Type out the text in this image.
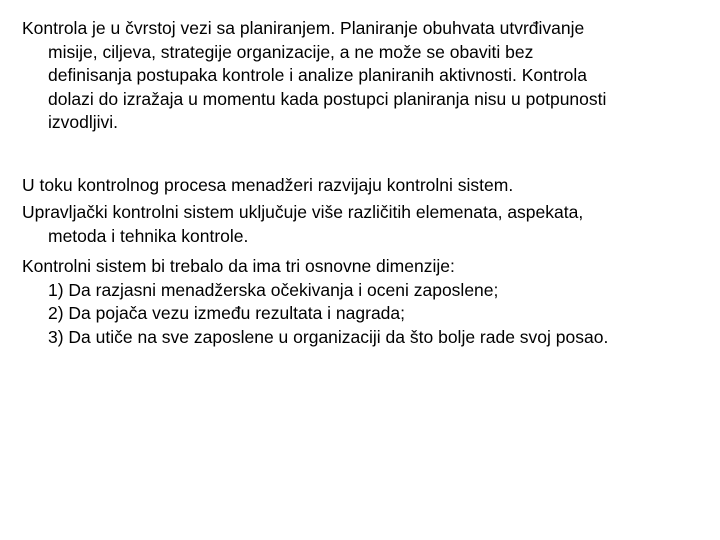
Kontrola je u čvrstoj vezi sa planiranjem. Planiranje obuhvata utvrđivanje
misije, ciljeva, strategije organizacije, a ne može se obaviti bez
definisanja postupaka kontrole i analize planiranih aktivnosti. Kontrola
dolazi do izražaja u momentu kada postupci planiranja nisu u potpunosti
izvodljivi.
U toku kontrolnog procesa menadžeri razvijaju kontrolni sistem.
Upravljački kontrolni sistem uključuje više različitih elemenata, aspekata,
metoda i tehnika kontrole.
Kontrolni sistem bi trebalo da ima tri osnovne dimenzije:
1) Da razjasni menadžerska očekivanja i oceni zaposlene;
2) Da pojača vezu između rezultata i nagrada;
3) Da utiče na sve zaposlene u organizaciji da što bolje rade svoj posao.
